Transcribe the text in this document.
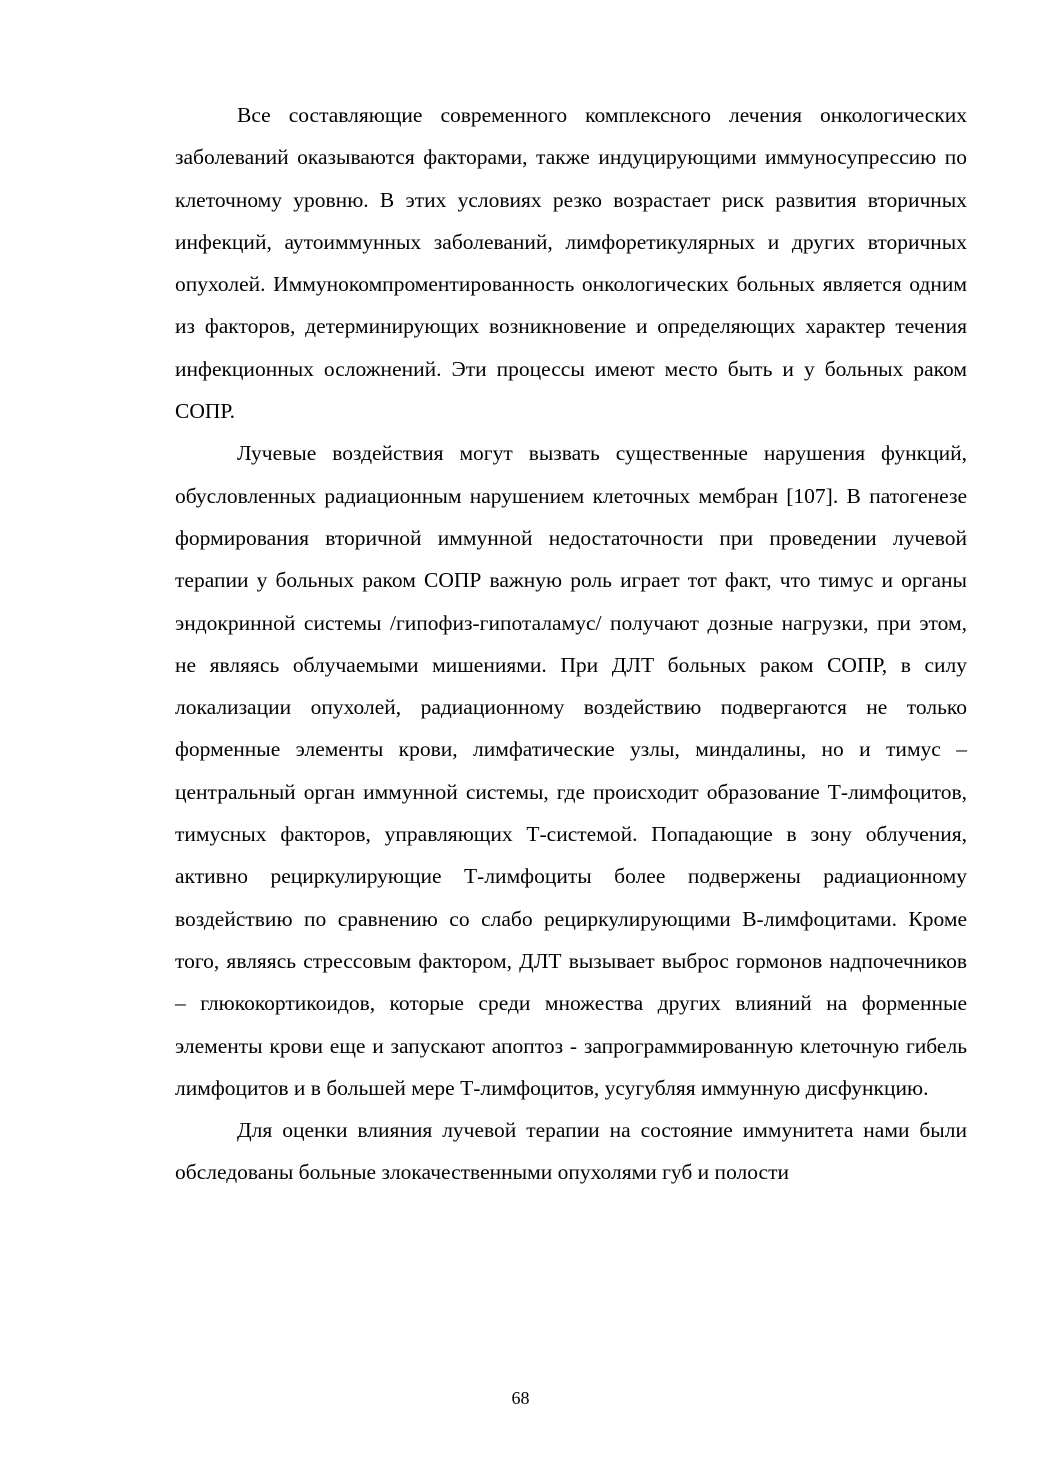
Все составляющие современного комплексного лечения онкологических заболеваний оказываются факторами, также индуцирующими иммуносупрессию по клеточному уровню. В этих условиях резко возрастает риск развития вторичных инфекций, аутоиммунных заболеваний, лимфоретикулярных и других вторичных опухолей. Иммунокомпроментированность онкологических больных является одним из факторов, детерминирующих возникновение и определяющих характер течения инфекционных осложнений. Эти процессы имеют место быть и у больных раком СОПР.

Лучевые воздействия могут вызвать существенные нарушения функций, обусловленных радиационным нарушением клеточных мембран [107]. В патогенезе формирования вторичной иммунной недостаточности при проведении лучевой терапии у больных раком СОПР важную роль играет тот факт, что тимус и органы эндокринной системы /гипофиз-гипоталамус/ получают дозные нагрузки, при этом, не являясь облучаемыми мишениями. При ДЛТ больных раком СОПР, в силу локализации опухолей, радиационному воздействию подвергаются не только форменные элементы крови, лимфатические узлы, миндалины, но и тимус – центральный орган иммунной системы, где происходит образование Т-лимфоцитов, тимусных факторов, управляющих Т-системой. Попадающие в зону облучения, активно рециркулирующие Т-лимфоциты более подвержены радиационному воздействию по сравнению со слабо рециркулирующими В-лимфоцитами. Кроме того, являясь стрессовым фактором, ДЛТ вызывает выброс гормонов надпочечников – глюкокортикоидов, которые среди множества других влияний на форменные элементы крови еще и запускают апоптоз - запрограммированную клеточную гибель лимфоцитов и в большей мере Т-лимфоцитов, усугубляя иммунную дисфункцию.

Для оценки влияния лучевой терапии на состояние иммунитета нами были обследованы больные злокачественными опухолями губ и полости

68
